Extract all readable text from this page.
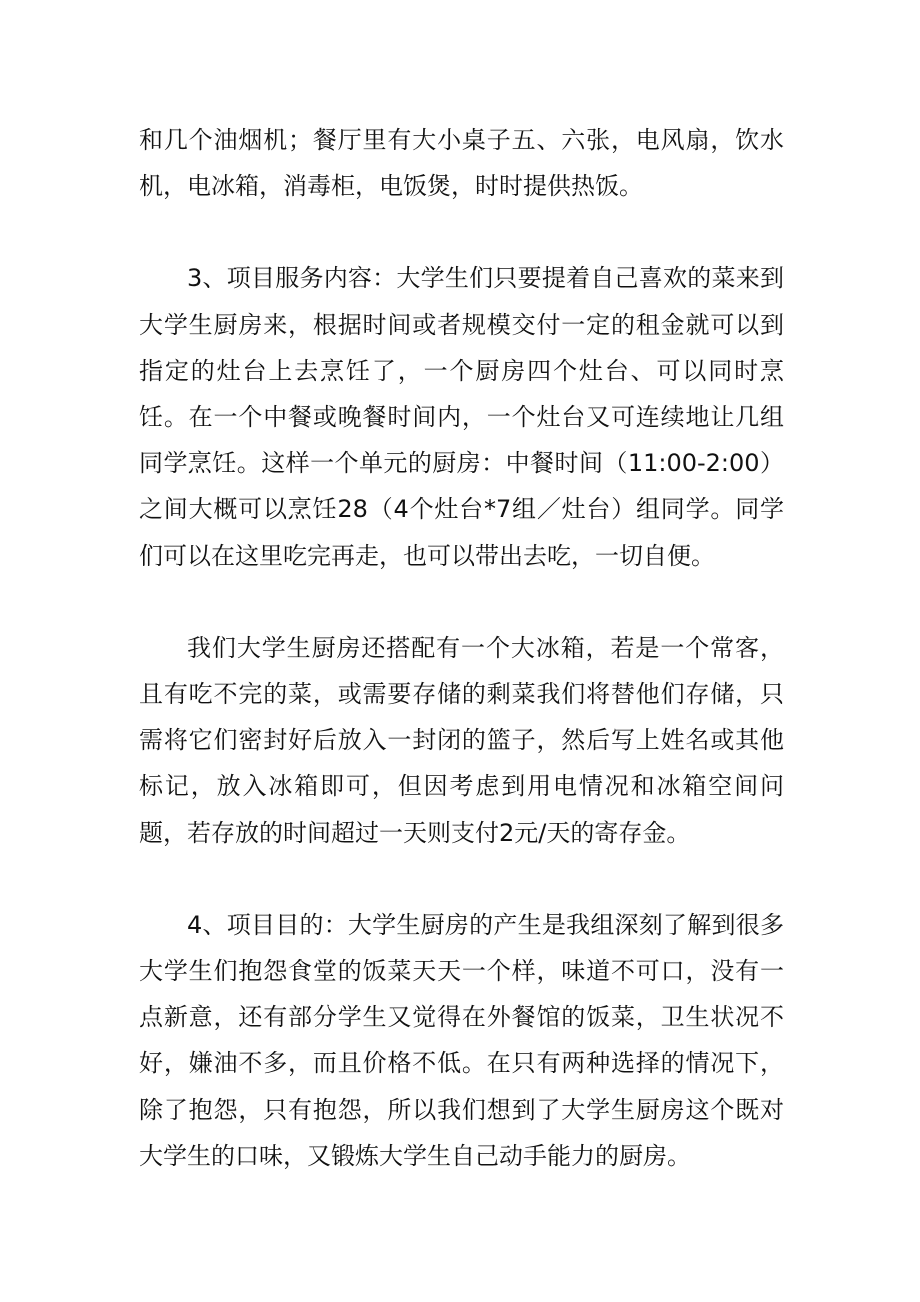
和几个油烟机；餐厅里有大小桌子五、六张，电风扇，饮水机，电冰箱，消毒柜，电饭煲，时时提供热饭。

3、项目服务内容：大学生们只要提着自己喜欢的菜来到大学生厨房来，根据时间或者规模交付一定的租金就可以到指定的灶台上去烹饪了，一个厨房四个灶台、可以同时烹饪。在一个中餐或晚餐时间内，一个灶台又可连续地让几组同学烹饪。这样一个单元的厨房：中餐时间（11:00-2:00）之间大概可以烹饪28（4个灶台*7组／灶台）组同学。同学们可以在这里吃完再走，也可以带出去吃，一切自便。

我们大学生厨房还搭配有一个大冰箱，若是一个常客，且有吃不完的菜，或需要存储的剩菜我们将替他们存储，只需将它们密封好后放入一封闭的篮子，然后写上姓名或其他标记，放入冰箱即可，但因考虑到用电情况和冰箱空间问题，若存放的时间超过一天则支付2元/天的寄存金。

4、项目目的：大学生厨房的产生是我组深刻了解到很多大学生们抱怨食堂的饭菜天天一个样，味道不可口，没有一点新意，还有部分学生又觉得在外餐馆的饭菜，卫生状况不好，嫌油不多，而且价格不低。在只有两种选择的情况下，除了抱怨，只有抱怨，所以我们想到了大学生厨房这个既对大学生的口味，又锻炼大学生自己动手能力的厨房。
